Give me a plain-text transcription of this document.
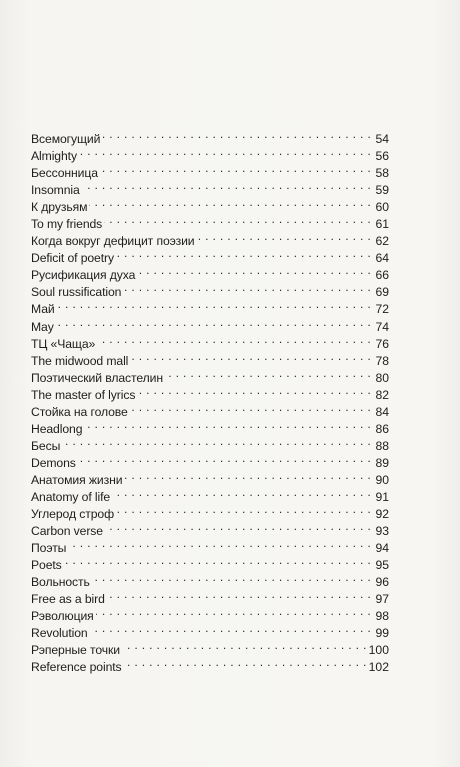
Всемогущий . . .	54
Almighty . . .	56
Бессонница . . .	58
Insomnia . . .	59
К друзьям . . .	60
To my friends . . .	61
Когда вокруг дефицит поэзии . . .	62
Deficit of poetry . . .	64
Русификация духа . . .	66
Soul russification . . .	69
Май . . .	72
May . . .	74
ТЦ «Чаща» . . .	76
The midwood mall . . .	78
Поэтический властелин . . .	80
The master of lyrics . . .	82
Стойка на голове . . .	84
Headlong . . .	86
Бесы . . .	88
Demons . . .	89
Анатомия жизни . . .	90
Anatomy of life . . .	91
Углерод строф . . .	92
Carbon verse . . .	93
Поэты . . .	94
Poets . . .	95
Вольность . . .	96
Free as a bird . . .	97
Рэволюция . . .	98
Revolution . . .	99
Рэперные точки . . .	100
Reference points . . .	102
